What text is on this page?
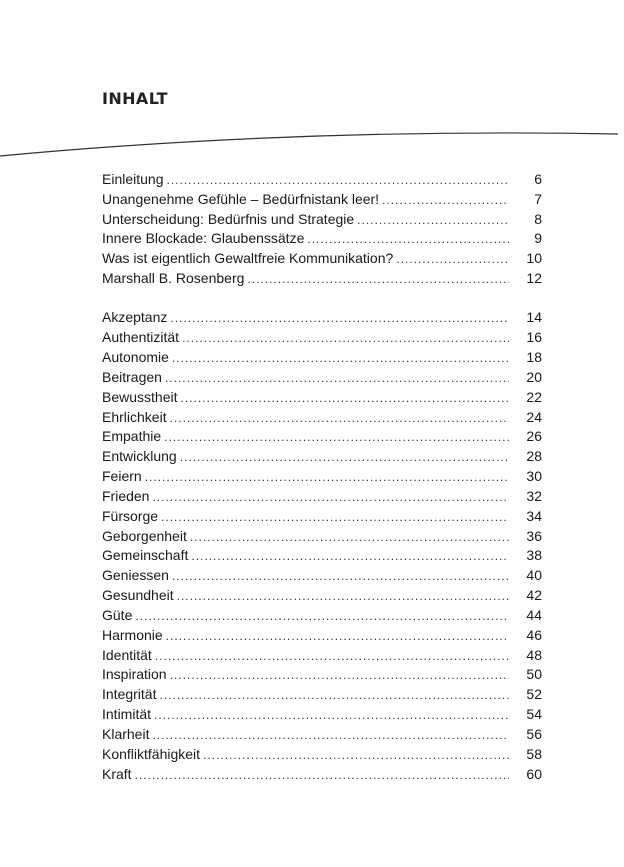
INHALT
Einleitung .....	6
Unangenehme Gefühle – Bedürfnistank leer! .....	7
Unterscheidung: Bedürfnis und Strategie .....	8
Innere Blockade: Glaubenssätze .....	9
Was ist eigentlich Gewaltfreie Kommunikation? .....	10
Marshall B. Rosenberg .....	12
Akzeptanz .....	14
Authentizität .....	16
Autonomie .....	18
Beitragen .....	20
Bewusstheit .....	22
Ehrlichkeit .....	24
Empathie .....	26
Entwicklung .....	28
Feiern .....	30
Frieden .....	32
Fürsorge .....	34
Geborgenheit .....	36
Gemeinschaft .....	38
Geniessen .....	40
Gesundheit .....	42
Güte .....	44
Harmonie .....	46
Identität .....	48
Inspiration .....	50
Integrität .....	52
Intimität .....	54
Klarheit .....	56
Konfliktfähigkeit .....	58
Kraft .....	60
